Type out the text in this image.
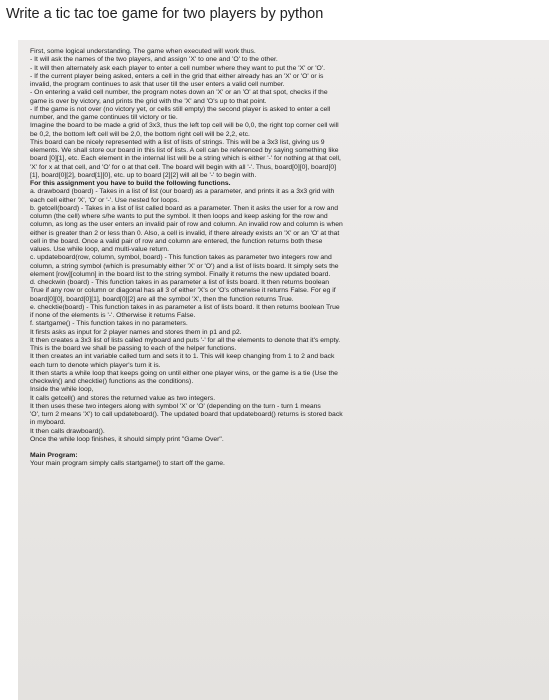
Write a tic tac toe game for two players by python
First, some logical understanding. The game when executed will work thus.
- It will ask the names of the two players, and assign 'X' to one and 'O' to the other.
- It will then alternately ask each player to enter a cell number where they want to put the 'X' or 'O'.
- If the current player being asked, enters a cell in the grid that either already has an 'X' or 'O' or is
invalid, the program continues to ask that user till the user enters a valid cell number.
- On entering a valid cell number, the program notes down an 'X' or an 'O' at that spot, checks if the
game is over by victory, and prints the grid with the 'X' and 'O's up to that point.
- If the game is not over (no victory yet, or cells still empty) the second player is asked to enter a cell
number, and the game continues till victory or tie.
Imagine the board to be made a grid of 3x3, thus the left top cell will be 0,0, the right top corner cell will
be 0,2, the bottom left cell will be 2,0, the bottom right cell will be 2,2, etc.
This board can be nicely represented with a list of lists of strings. This will be a 3x3 list, giving us 9
elements. We shall store our board in this list of lists. A cell can be referenced by saying something like
board [0][1], etc. Each element in the internal list will be a string which is either '-' for nothing at that cell,
'X' for x at that cell, and 'O' for o at that cell. The board will begin with all '-'. Thus, board[0][0], board[0]
[1], board[0][2], board[1][0], etc. up to board [2][2] will all be '-' to begin with.
For this assignment you have to build the following functions.
a. drawboard (board) - Takes in a list of list (our board) as a parameter, and prints it as a 3x3 grid with
each cell either 'X', 'O' or '-'. Use nested for loops.
b. getcell(board) - Takes in a list of list called board as a parameter. Then it asks the user for a row and
column (the cell) where s/he wants to put the symbol. It then loops and keep asking for the row and
column, as long as the user enters an invalid pair of row and column. An invalid row and column is when
either is greater than 2 or less than 0. Also, a cell is invalid, if there already exists an 'X' or an 'O' at that
cell in the board. Once a valid pair of row and column are entered, the function returns both these
values. Use while loop, and multi-value return.
c. updateboard(row, column, symbol, board) - This function takes as parameter two integers row and
column, a string symbol (which is presumably either 'X' or 'O') and a list of lists board. It simply sets the
element [row][column] in the board list to the string symbol. Finally it returns the new updated board.
d. checkwin (board) - This function takes in as parameter a list of lists board. It then returns boolean
True if any row or column or diagonal has all 3 of either 'X's or 'O's otherwise it returns False. For eg if
board[0][0], board[0][1], board[0][2] are all the symbol 'X', then the function returns True.
e. checktie(board) - This function takes in as parameter a list of lists board. It then returns boolean True
if none of the elements is '-'. Otherwise it returns False.
f. startgame() - This function takes in no parameters.
It firsts asks as input for 2 player names and stores them in p1 and p2.
It then creates a 3x3 list of lists called myboard and puts '-' for all the elements to denote that it's empty.
This is the board we shall be passing to each of the helper functions.
It then creates an int variable called turn and sets it to 1. This will keep changing from 1 to 2 and back
each turn to denote which player's turn it is.
It then starts a while loop that keeps going on until either one player wins, or the game is a tie (Use the
checkwin() and checktie() functions as the conditions).
Inside the while loop,
It calls getcell() and stores the returned value as two integers.
It then uses these two integers along with symbol 'X' or 'O' (depending on the turn - turn 1 means
'O', turn 2 means 'X') to call updateboard(). The updated board that updateboard() returns is stored back
in myboard.
It then calls drawboard().
Once the while loop finishes, it should simply print "Game Over".
Main Program:
Your main program simply calls startgame() to start off the game.
